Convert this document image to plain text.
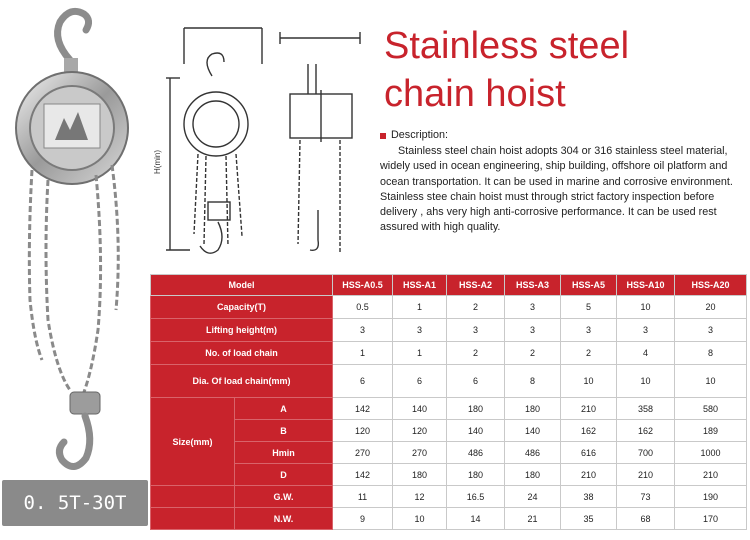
0. 5T-30T
H(min)
Stainless steel
chain hoist
Description:

Stainless steel chain hoist adopts 304 or 316 stainless steel material, widely used in ocean engineering, ship building, offshore oil platform and ocean transportation. It can be used in marine and corrosive environment. Stainless stee chain hoist must through strict factory inspection before delivery , ahs very high anti-corrosive performance. It can be used rest assured with high quality.

Model		HSS-A0.5	HSS-A1	HSS-A2	HSS-A3	HSS-A5	HSS-A10	HSS-A20
Capacity(T)		0.5	1	2	3	5	10	20
Lifting height(m)		3	3	3	3	3	3	3
No. of load chain		1	1	2	2	2	4	8
Dia. Of load chain(mm)		6	6	6	8	10	10	10
Size(mm)	A	142	140	180	180	210	358	580
	B	120	120	140	140	162	162	189
	Hmin	270	270	486	486	616	700	1000
	D	142	180	180	180	210	210	210
	G.W.	11	12	16.5	24	38	73	190
	N.W.	9	10	14	21	35	68	170
